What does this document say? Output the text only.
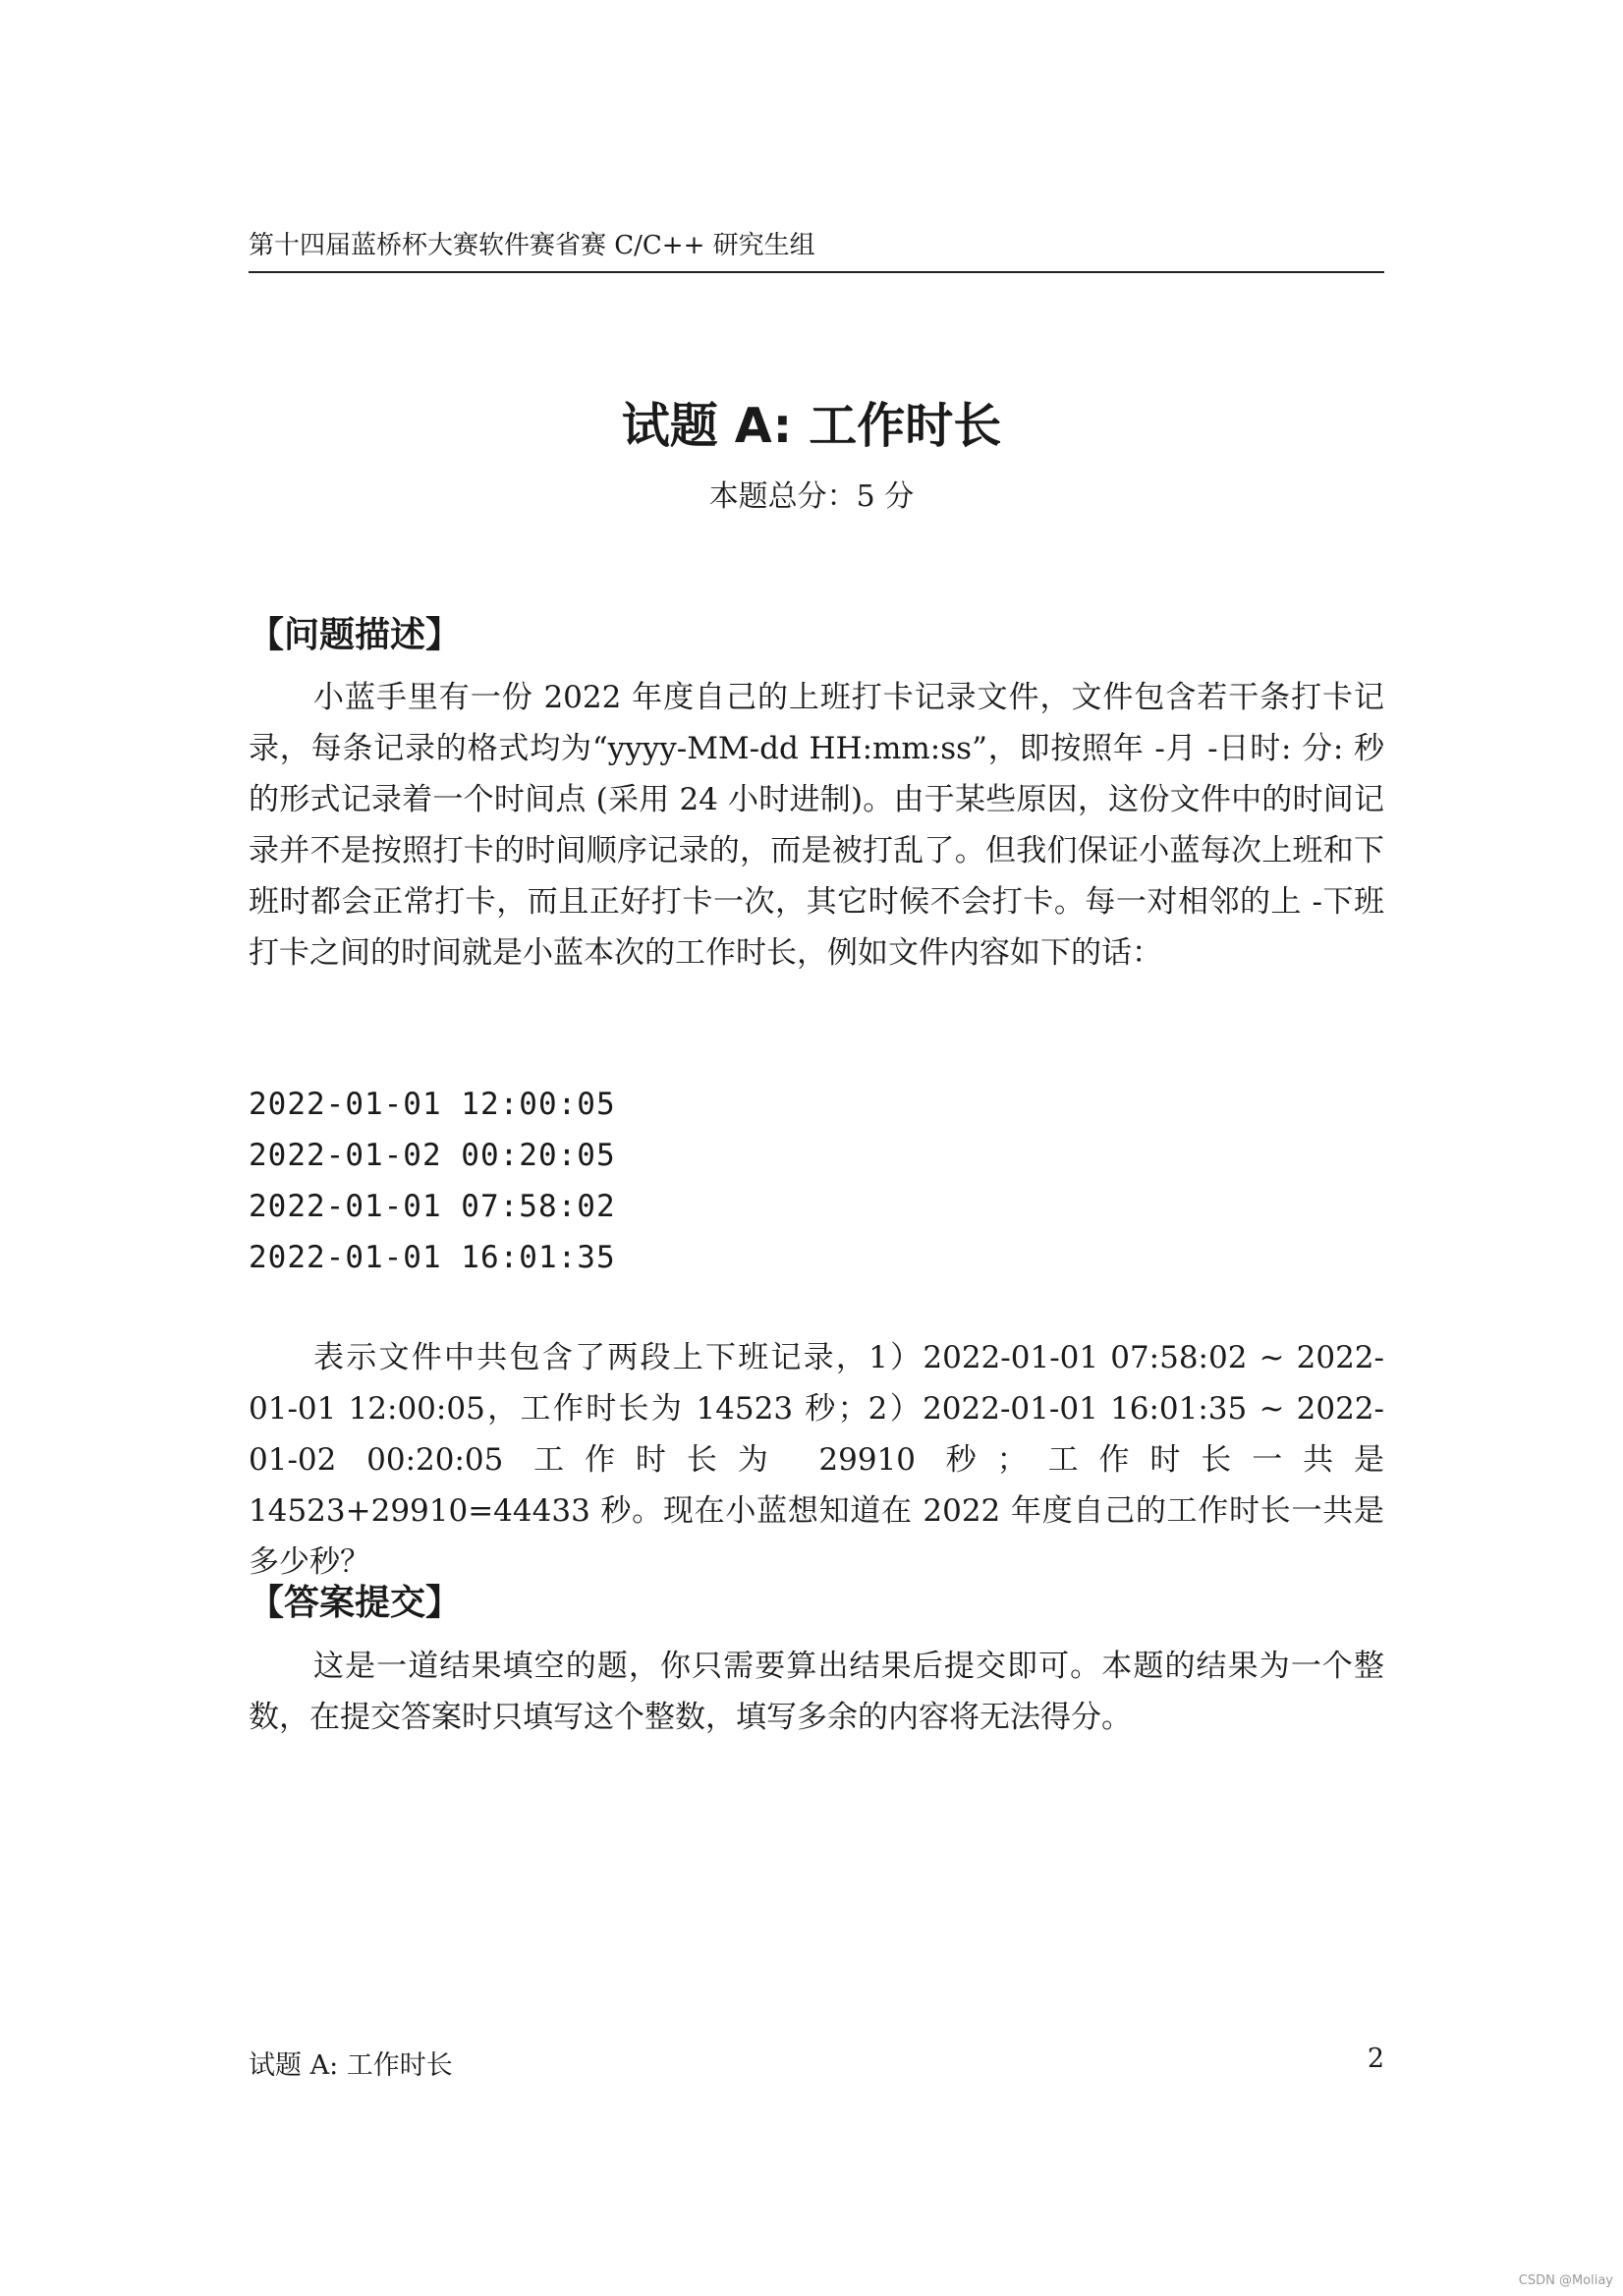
第十四届蓝桥杯大赛软件赛省赛 C/C++ 研究生组
试题 A: 工作时长
本题总分：5 分
【问题描述】

小蓝手里有一份 2022 年度自己的上班打卡记录文件，文件包含若干条打卡记录，每条记录的格式均为“yyyy-MM-dd HH:mm:ss”，即按照年 -月 -日时: 分: 秒的形式记录着一个时间点 (采用 24 小时进制)。由于某些原因，这份文件中的时间记录并不是按照打卡的时间顺序记录的，而是被打乱了。但我们保证小蓝每次上班和下班时都会正常打卡，而且正好打卡一次，其它时候不会打卡。每一对相邻的上 -下班打卡之间的时间就是小蓝本次的工作时长，例如文件内容如下的话：

2022-01-01 12:00:05
2022-01-02 00:20:05
2022-01-01 07:58:02
2022-01-01 16:01:35

表示文件中共包含了两段上下班记录，1）2022-01-01 07:58:02 ~ 2022-01-01 12:00:05，工作时长为 14523 秒；2）2022-01-01 16:01:35 ~ 2022-01-02 00:20:05 工作时长为 29910 秒；工作时长一共是 14523+29910=44433 秒。现在小蓝想知道在 2022 年度自己的工作时长一共是多少秒？

【答案提交】

这是一道结果填空的题，你只需要算出结果后提交即可。本题的结果为一个整数，在提交答案时只填写这个整数，填写多余的内容将无法得分。

试题 A: 工作时长	2
CSDN @Moliay
